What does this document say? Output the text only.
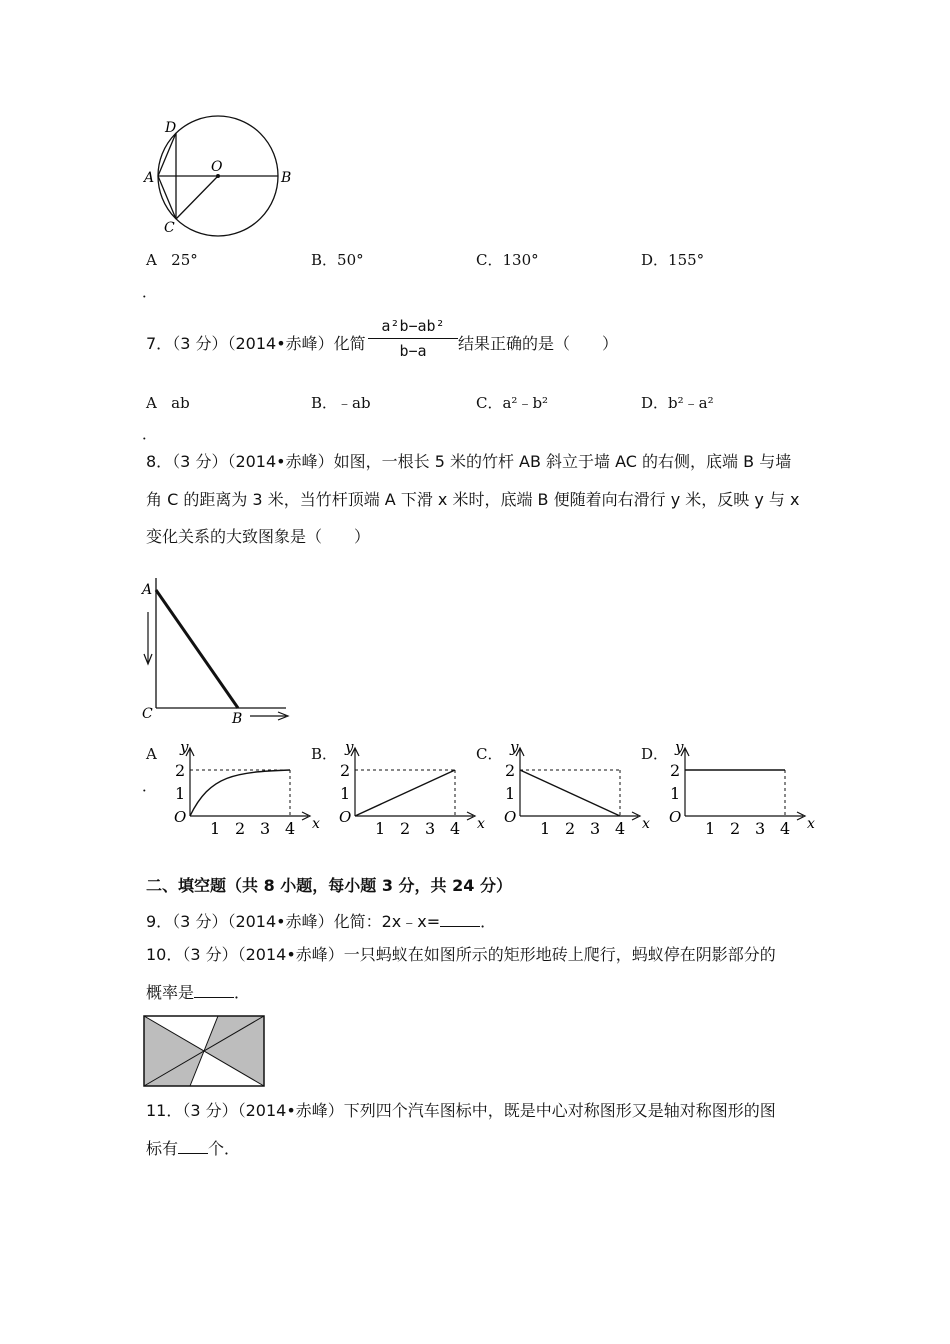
D
O
A	B
C
A 25°	B．50°	C．130°	D．155°
．
7．（3 分）（2014•赤峰）化简
a²b−ab²
b−a	结果正确的是（　　）
A ab	B．﹣ab	C．a²﹣b²	D．b²﹣a²
．
8．（3 分）（2014•赤峰）如图，一根长 5 米的竹杆 AB 斜立于墙 AC 的右侧，底端 B 与墙
角 C 的距离为 3 米，当竹杆顶端 A 下滑 x 米时，底端 B 便随着向右滑行 y 米，反映 y 与 x
变化关系的大致图象是（　　）
A
C	B
A
．
B．	C．	D．
y
x
O
1
2
1 2 3 4
y
x
O
1
2
1 2 3 4
y
x
O
1
2
1 2 3 4
y
x
O
1
2
1 2 3 4
二、填空题（共 8 小题，每小题 3 分，共 24 分）
9．（3 分）（2014•赤峰）化简：2x﹣x=	．
10．（3 分）（2014•赤峰）一只蚂蚁在如图所示的矩形地砖上爬行，蚂蚁停在阴影部分的
概率是	．
11．（3 分）（2014•赤峰）下列四个汽车图标中，既是中心对称图形又是轴对称图形的图
标有 个．
